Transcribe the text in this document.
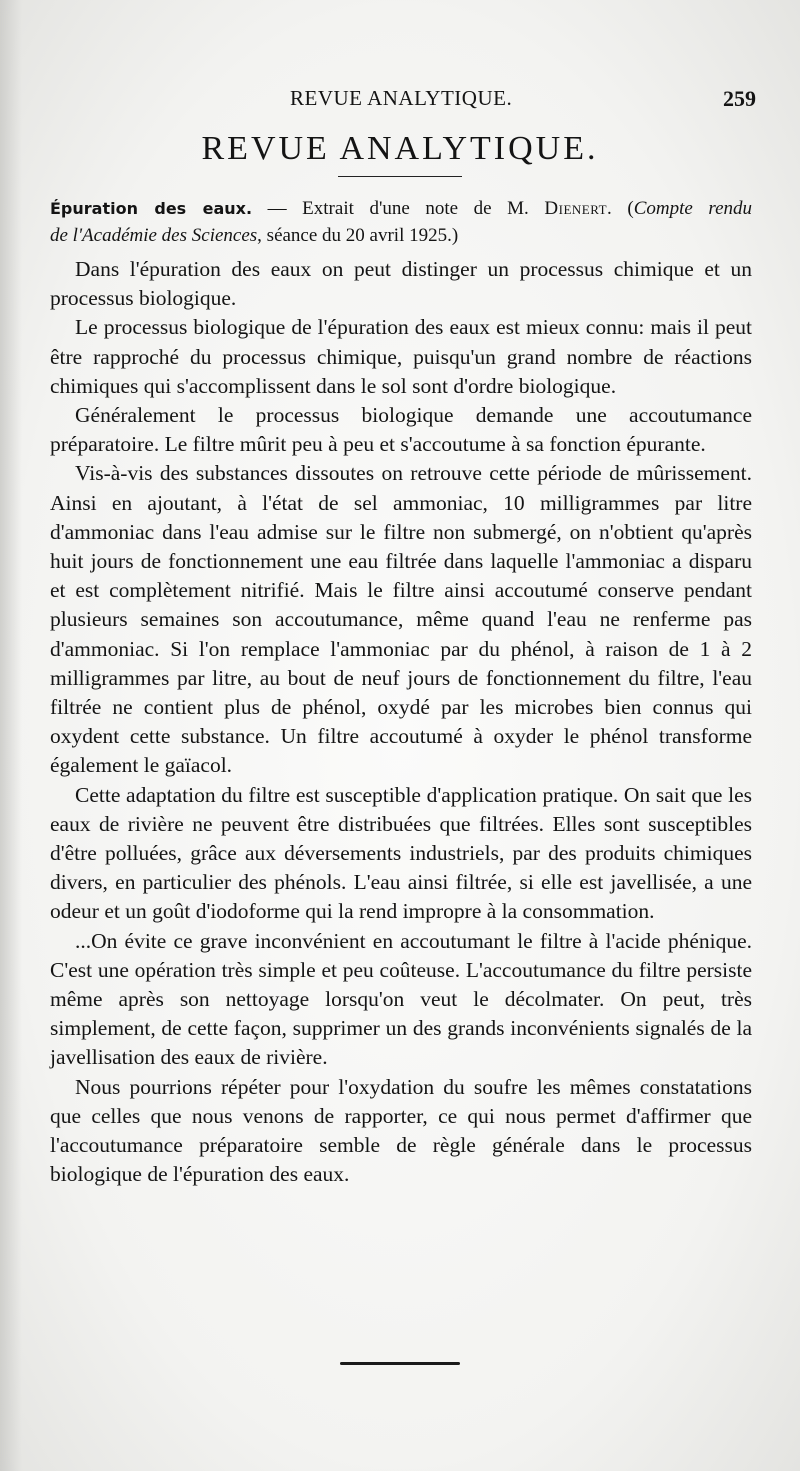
REVUE ANALYTIQUE.	259
REVUE ANALYTIQUE.
Épuration des eaux. — Extrait d'une note de M. Dienert. (Compte rendu
de l'Académie des Sciences, séance du 20 avril 1925.)

Dans l'épuration des eaux on peut distinger un processus chimique et un processus biologique.

Le processus biologique de l'épuration des eaux est mieux connu: mais il peut être rapproché du processus chimique, puisqu'un grand nombre de réactions chimiques qui s'accomplissent dans le sol sont d'ordre biologique.

Généralement le processus biologique demande une accoutumance préparatoire. Le filtre mûrit peu à peu et s'accoutume à sa fonction épurante.

Vis-à-vis des substances dissoutes on retrouve cette période de mûrissement. Ainsi en ajoutant, à l'état de sel ammoniac, 10 milligrammes par litre d'ammoniac dans l'eau admise sur le filtre non submergé, on n'obtient qu'après huit jours de fonctionnement une eau filtrée dans laquelle l'ammoniac a disparu et est complètement nitrifié. Mais le filtre ainsi accoutumé conserve pendant plusieurs semaines son accoutumance, même quand l'eau ne renferme pas d'ammoniac. Si l'on remplace l'ammoniac par du phénol, à raison de 1 à 2 milligrammes par litre, au bout de neuf jours de fonctionnement du filtre, l'eau filtrée ne contient plus de phénol, oxydé par les microbes bien connus qui oxydent cette substance. Un filtre accoutumé à oxyder le phénol transforme également le gaïacol.

Cette adaptation du filtre est susceptible d'application pratique. On sait que les eaux de rivière ne peuvent être distribuées que filtrées. Elles sont susceptibles d'être polluées, grâce aux déversements industriels, par des produits chimiques divers, en particulier des phénols. L'eau ainsi filtrée, si elle est javellisée, a une odeur et un goût d'iodoforme qui la rend impropre à la consommation.

...On évite ce grave inconvénient en accoutumant le filtre à l'acide phénique. C'est une opération très simple et peu coûteuse. L'accoutumance du filtre persiste même après son nettoyage lorsqu'on veut le décolmater. On peut, très simplement, de cette façon, supprimer un des grands inconvénients signalés de la javellisation des eaux de rivière.

Nous pourrions répéter pour l'oxydation du soufre les mêmes constatations que celles que nous venons de rapporter, ce qui nous permet d'affirmer que l'accoutumance préparatoire semble de règle générale dans le processus biologique de l'épuration des eaux.
